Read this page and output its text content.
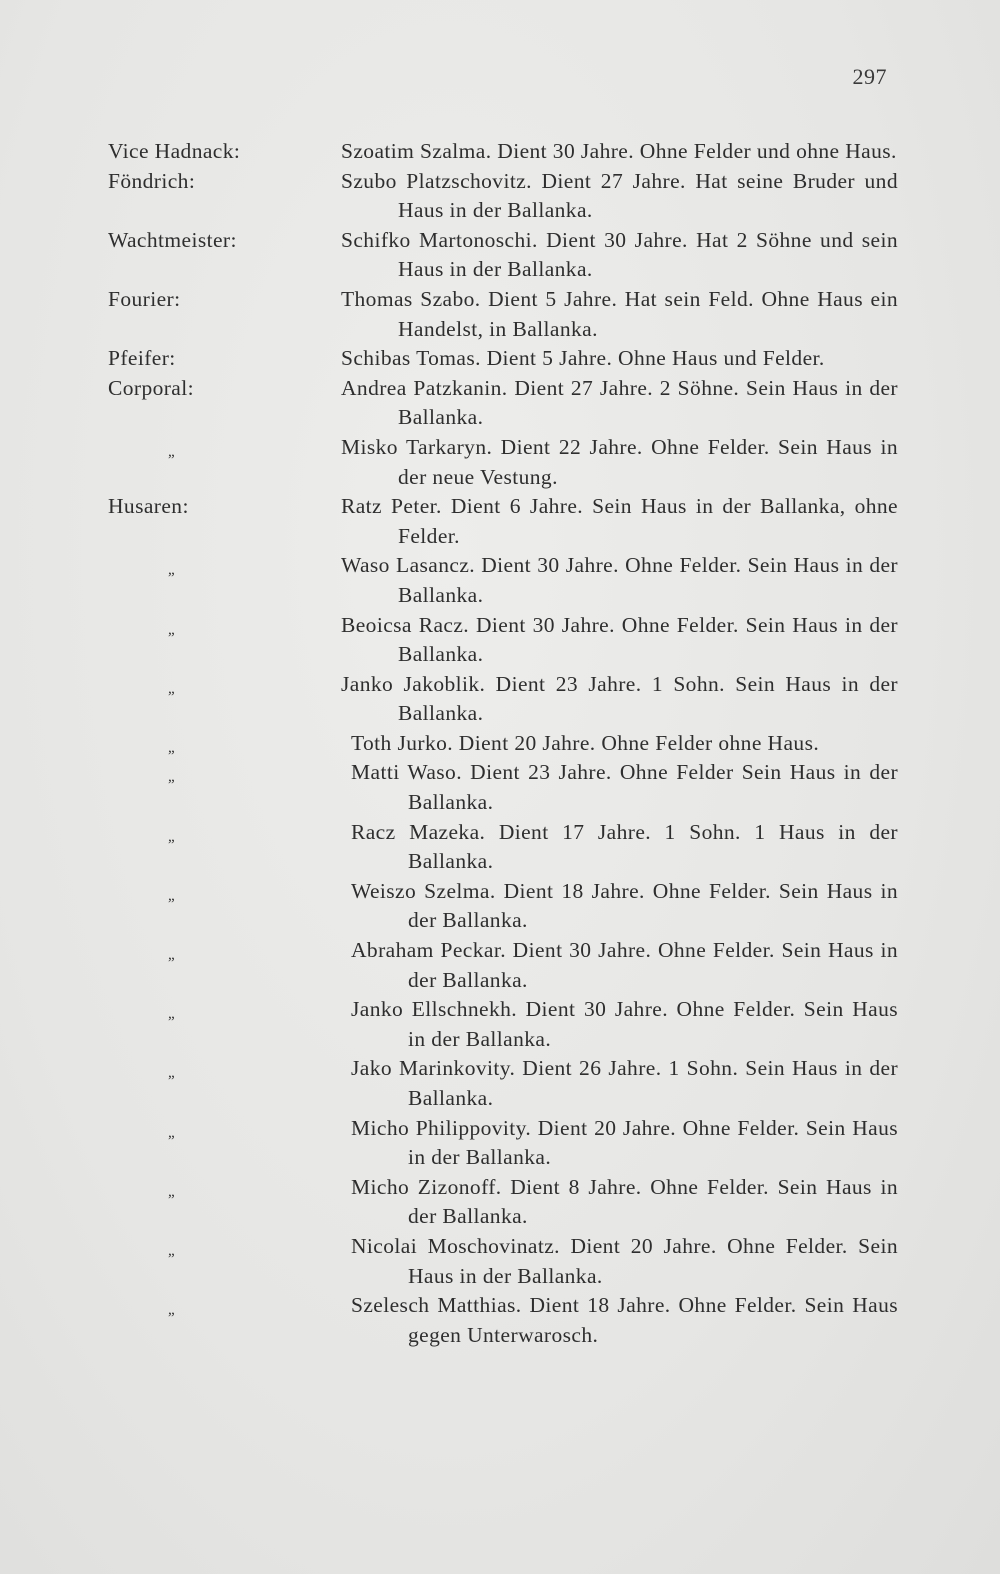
297
Vice Hadnack:	Szoatim Szalma. Dient 30 Jahre. Ohne Felder und ohne Haus.
Föndrich:	Szubo Platzschovitz. Dient 27 Jahre. Hat seine Bruder und Haus in der Ballanka.
Wachtmeister:	Schifko Martonoschi. Dient 30 Jahre. Hat 2 Söhne und sein Haus in der Ballanka.
Fourier:	Thomas Szabo. Dient 5 Jahre. Hat sein Feld. Ohne Haus ein Handelst, in Ballanka.
Pfeifer:	Schibas Tomas. Dient 5 Jahre. Ohne Haus und Felder.
Corporal:	Andrea Patzkanin. Dient 27 Jahre. 2 Söhne. Sein Haus in der Ballanka.
„	Misko Tarkaryn. Dient 22 Jahre. Ohne Felder. Sein Haus in der neue Vestung.
Husaren:	Ratz Peter. Dient 6 Jahre. Sein Haus in der Ballanka, ohne Felder.
„	Waso Lasancz. Dient 30 Jahre. Ohne Felder. Sein Haus in der Ballanka.
„	Beoicsa Racz. Dient 30 Jahre. Ohne Felder. Sein Haus in der Ballanka.
„	Janko Jakoblik. Dient 23 Jahre. 1 Sohn. Sein Haus in der Ballanka.
„	Toth Jurko. Dient 20 Jahre. Ohne Felder ohne Haus.
„	Matti Waso. Dient 23 Jahre. Ohne Felder Sein Haus in der Ballanka.
„	Racz Mazeka. Dient 17 Jahre. 1 Sohn. 1 Haus in der Ballanka.
„	Weiszo Szelma. Dient 18 Jahre. Ohne Felder. Sein Haus in der Ballanka.
„	Abraham Peckar. Dient 30 Jahre. Ohne Felder. Sein Haus in der Ballanka.
„	Janko Ellschnekh. Dient 30 Jahre. Ohne Felder. Sein Haus in der Ballanka.
„	Jako Marinkovity. Dient 26 Jahre. 1 Sohn. Sein Haus in der Ballanka.
„	Micho Philippovity. Dient 20 Jahre. Ohne Felder. Sein Haus in der Ballanka.
„	Micho Zizonoff. Dient 8 Jahre. Ohne Felder. Sein Haus in der Ballanka.
„	Nicolai Moschovinatz. Dient 20 Jahre. Ohne Felder. Sein Haus in der Ballanka.
„	Szelesch Matthias. Dient 18 Jahre. Ohne Felder. Sein Haus gegen Unterwarosch.
